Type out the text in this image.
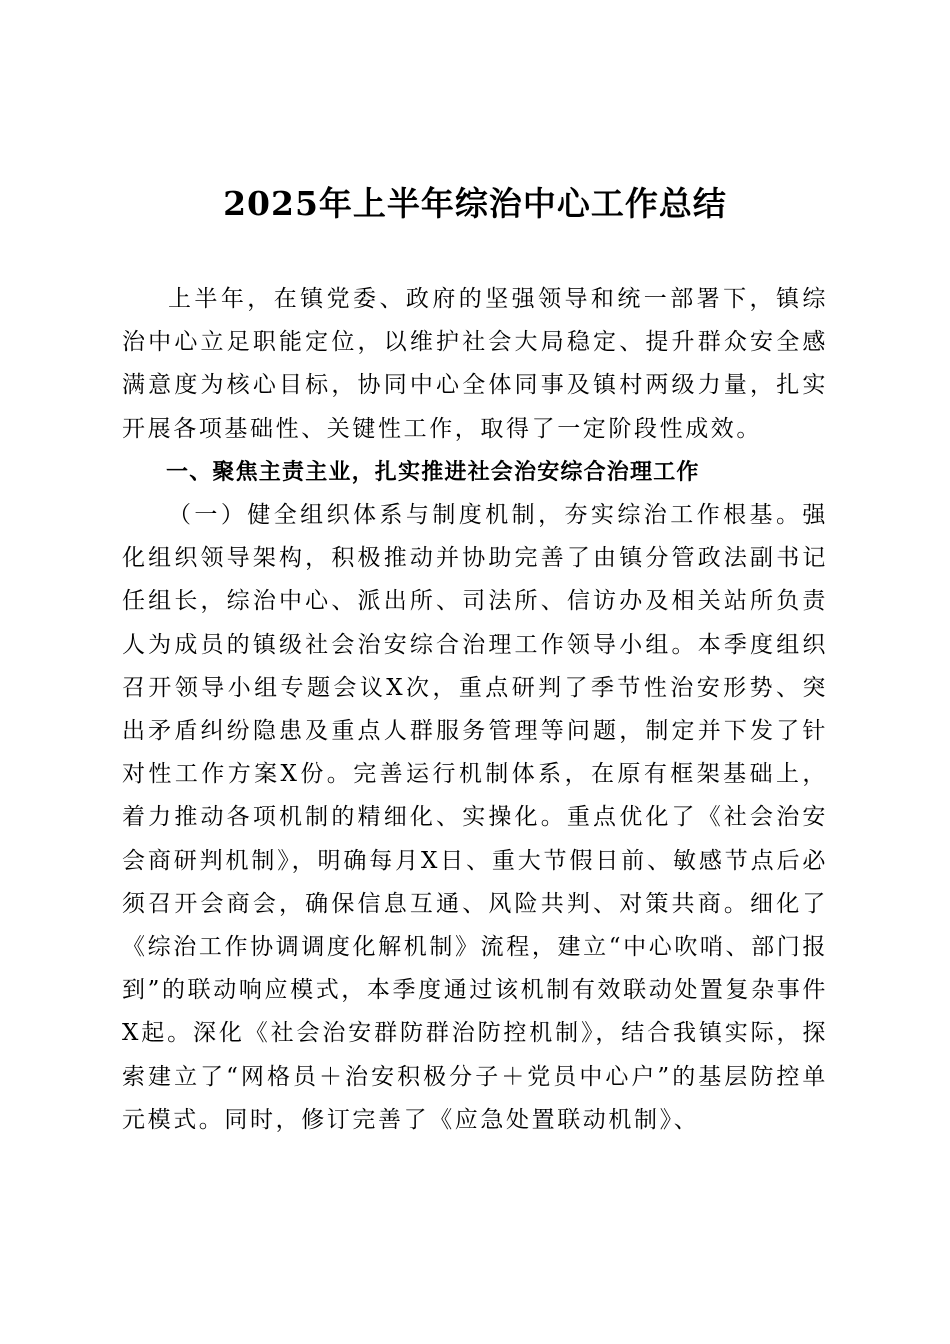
2025年上半年综治中心工作总结

上半年，在镇党委、政府的坚强领导和统一部署下，镇综治中心立足职能定位，以维护社会大局稳定、提升群众安全感满意度为核心目标，协同中心全体同事及镇村两级力量，扎实开展各项基础性、关键性工作，取得了一定阶段性成效。

一、聚焦主责主业，扎实推进社会治安综合治理工作

（一）健全组织体系与制度机制，夯实综治工作根基。强化组织领导架构，积极推动并协助完善了由镇分管政法副书记任组长，综治中心、派出所、司法所、信访办及相关站所负责人为成员的镇级社会治安综合治理工作领导小组。本季度组织召开领导小组专题会议X次，重点研判了季节性治安形势、突出矛盾纠纷隐患及重点人群服务管理等问题，制定并下发了针对性工作方案X份。完善运行机制体系，在原有框架基础上，着力推动各项机制的精细化、实操化。重点优化了《社会治安会商研判机制》，明确每月X日、重大节假日前、敏感节点后必须召开会商会，确保信息互通、风险共判、对策共商。细化了《综治工作协调调度化解机制》流程，建立“中心吹哨、部门报到”的联动响应模式，本季度通过该机制有效联动处置复杂事件X起。深化《社会治安群防群治防控机制》，结合我镇实际，探索建立了“网格员＋治安积极分子＋党员中心户”的基层防控单元模式。同时，修订完善了《应急处置联动机制》、
